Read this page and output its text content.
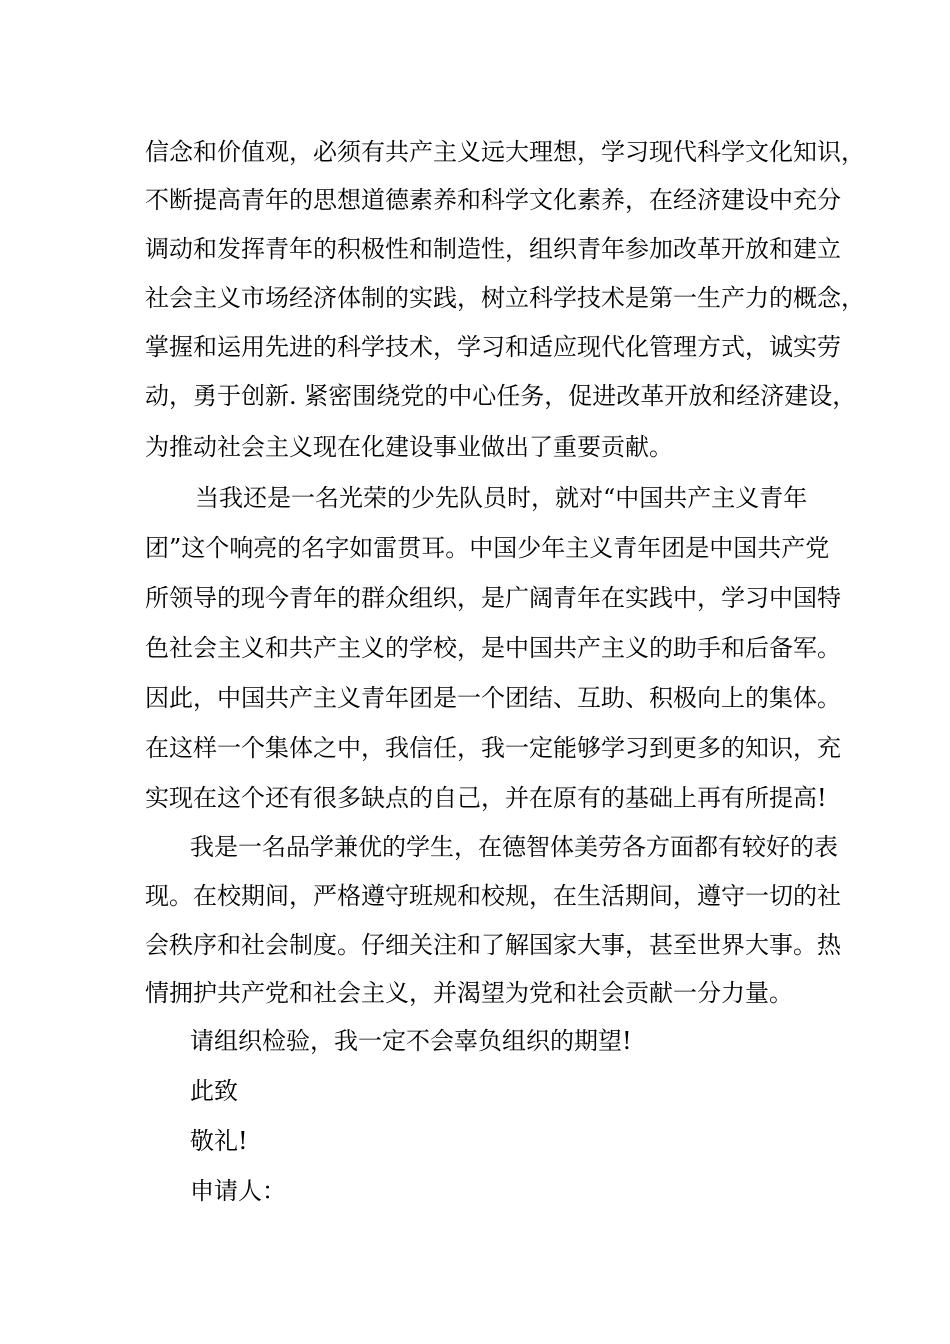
信念和价值观，必须有共产主义远大理想，学习现代科学文化知识，
不断提高青年的思想道德素养和科学文化素养，在经济建设中充分
调动和发挥青年的积极性和制造性，组织青年参加改革开放和建立
社会主义市场经济体制的实践，树立科学技术是第一生产力的概念，
掌握和运用先进的科学技术，学习和适应现代化管理方式，诚实劳
动，勇于创新. 紧密围绕党的中心任务，促进改革开放和经济建设，
为推动社会主义现在化建设事业做出了重要贡献。
当我还是一名光荣的少先队员时，就对“中国共产主义青年
团”这个响亮的名字如雷贯耳。中国少年主义青年团是中国共产党
所领导的现今青年的群众组织，是广阔青年在实践中，学习中国特
色社会主义和共产主义的学校，是中国共产主义的助手和后备军。
因此，中国共产主义青年团是一个团结、互助、积极向上的集体。
在这样一个集体之中，我信任，我一定能够学习到更多的知识，充
实现在这个还有很多缺点的自己，并在原有的基础上再有所提高!
我是一名品学兼优的学生，在德智体美劳各方面都有较好的表
现。在校期间，严格遵守班规和校规，在生活期间，遵守一切的社
会秩序和社会制度。仔细关注和了解国家大事，甚至世界大事。热
情拥护共产党和社会主义，并渴望为党和社会贡献一分力量。
请组织检验，我一定不会辜负组织的期望!
此致
敬礼!
申请人：
